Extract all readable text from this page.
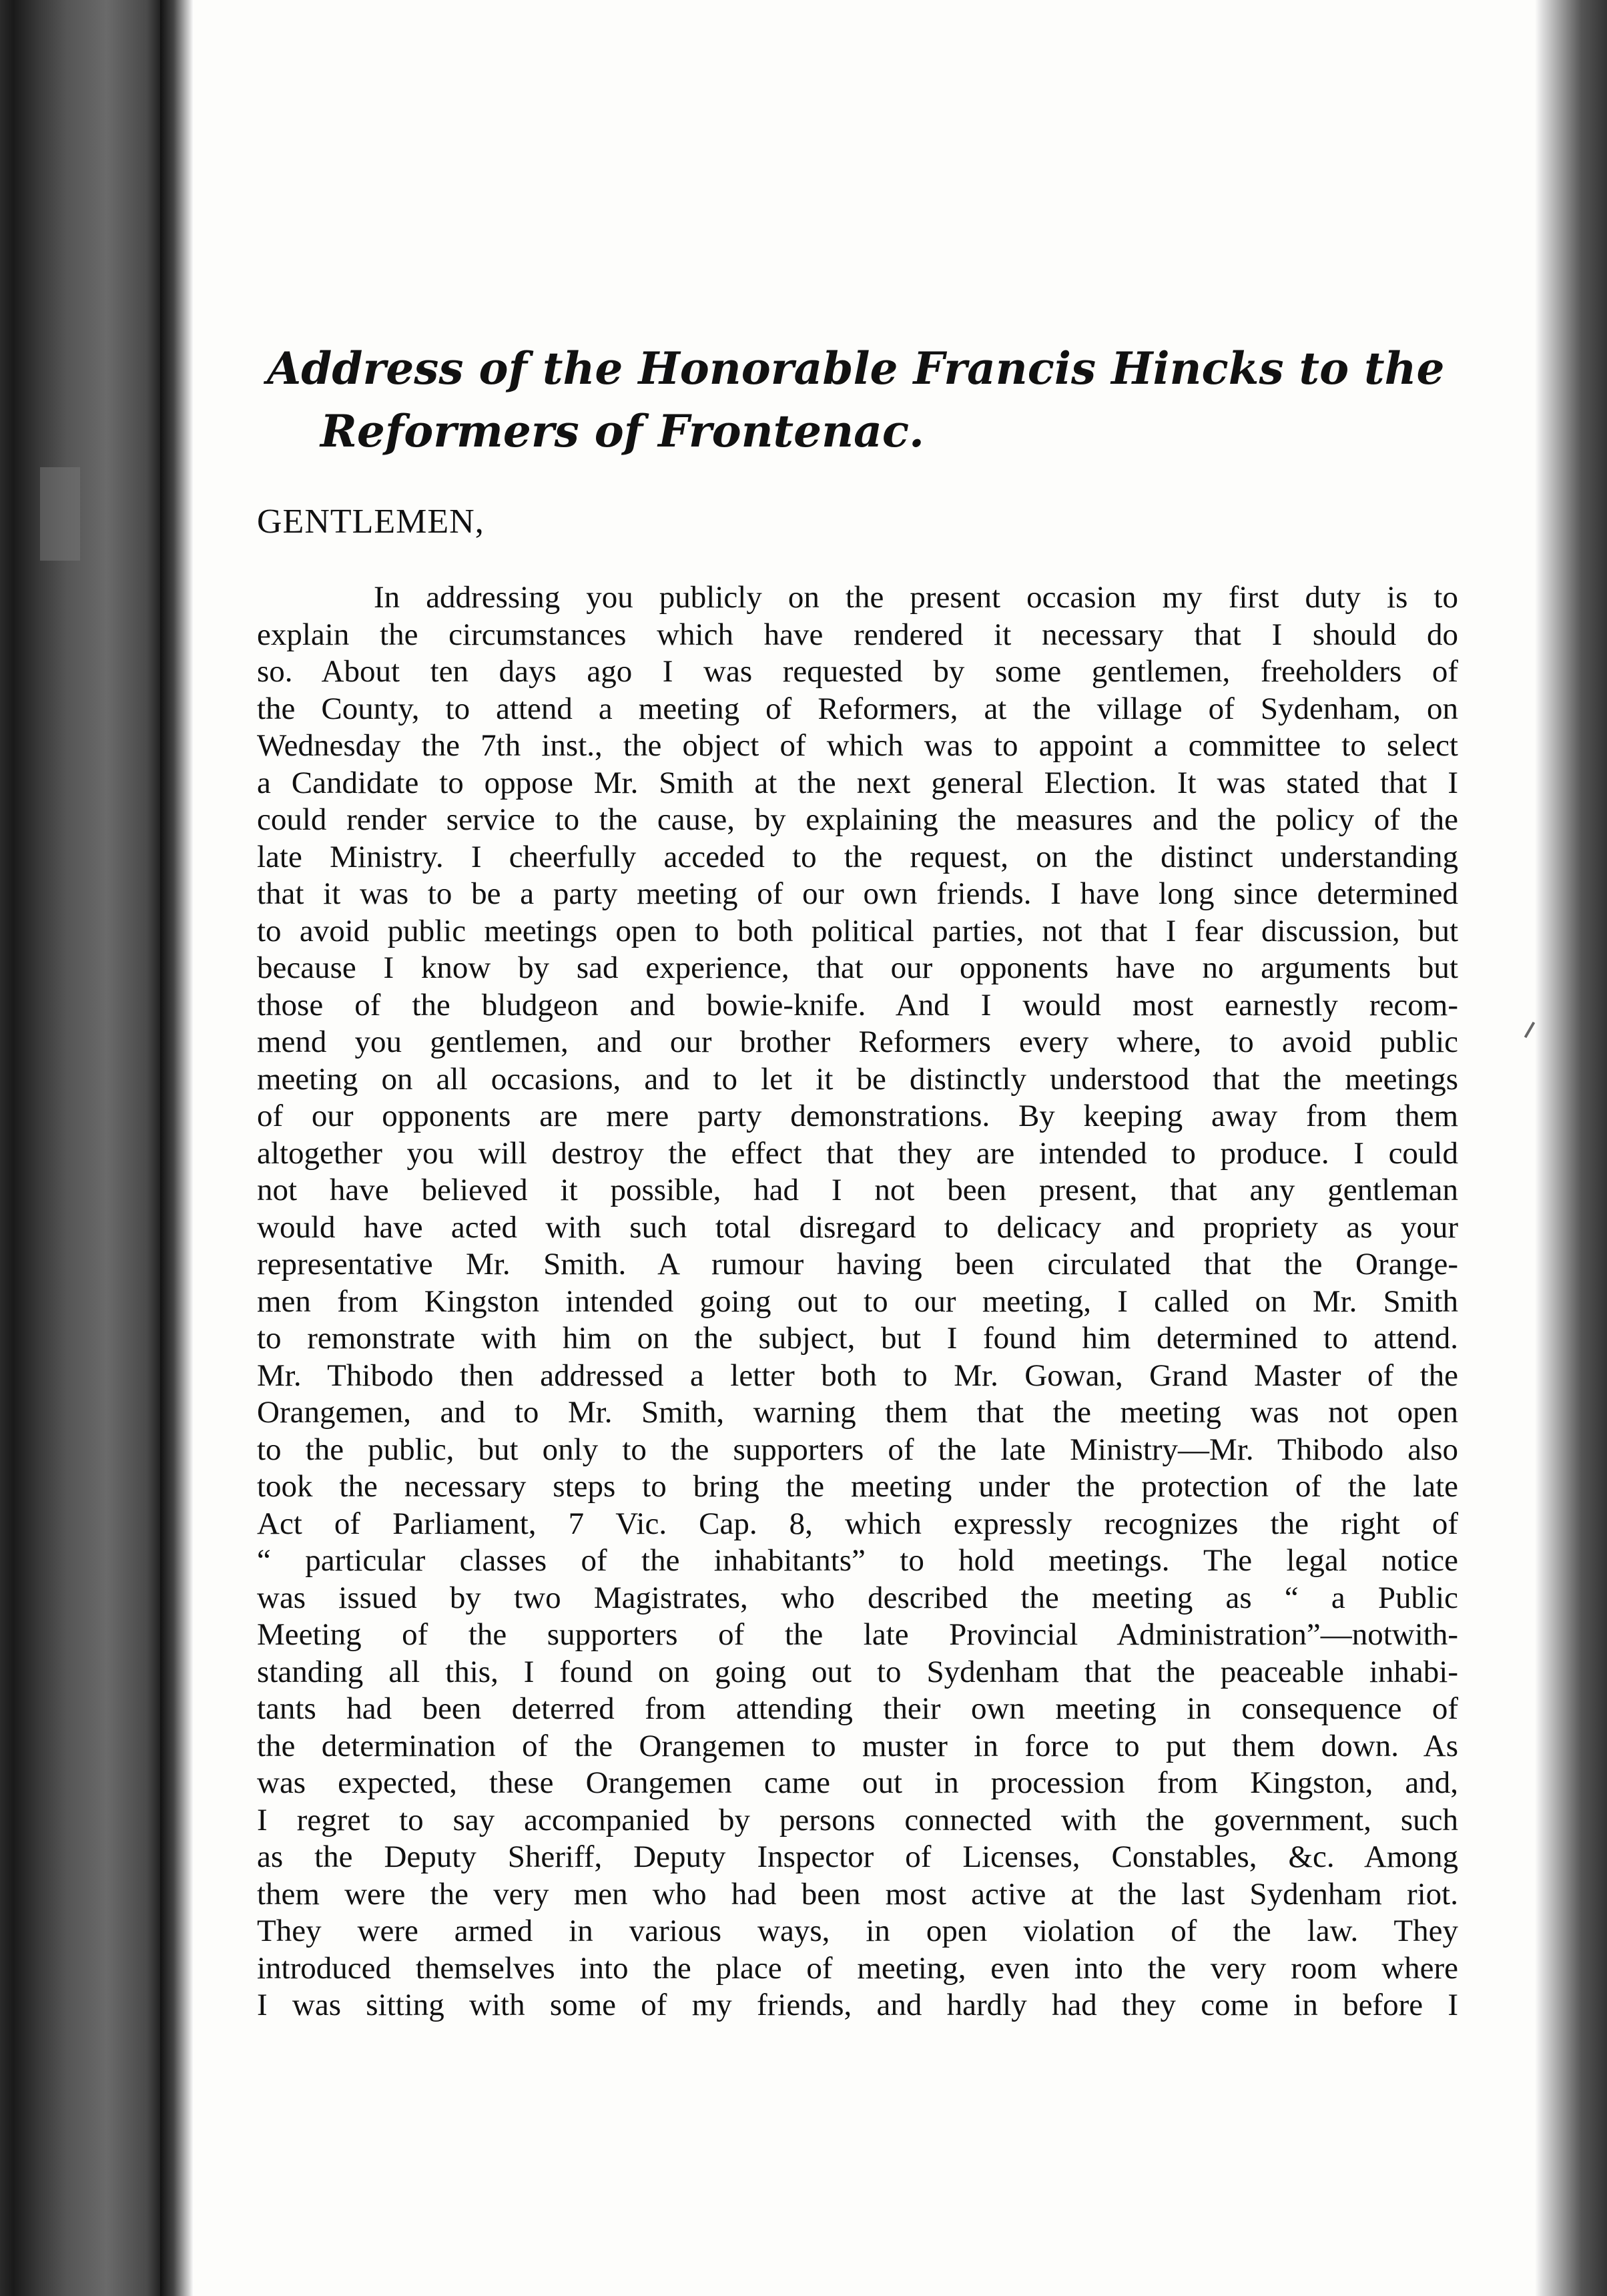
Address of the Honorable Francis Hincks to the
Reformers of Frontenac.

GENTLEMEN,

In addressing you publicly on the present occasion my first duty is to
explain the circumstances which have rendered it necessary that I should do
so. About ten days ago I was requested by some gentlemen, freeholders of
the County, to attend a meeting of Reformers, at the village of Sydenham, on
Wednesday the 7th inst., the object of which was to appoint a committee to select
a Candidate to oppose Mr. Smith at the next general Election. It was stated that I
could render service to the cause, by explaining the measures and the policy of the
late Ministry. I cheerfully acceded to the request, on the distinct understanding
that it was to be a party meeting of our own friends. I have long since determined
to avoid public meetings open to both political parties, not that I fear discussion, but
because I know by sad experience, that our opponents have no arguments but
those of the bludgeon and bowie-knife. And I would most earnestly recom-
mend you gentlemen, and our brother Reformers every where, to avoid public
meeting on all occasions, and to let it be distinctly understood that the meetings
of our opponents are mere party demonstrations. By keeping away from them
altogether you will destroy the effect that they are intended to produce. I could
not have believed it possible, had I not been present, that any gentleman
would have acted with such total disregard to delicacy and propriety as your
representative Mr. Smith. A rumour having been circulated that the Orange-
men from Kingston intended going out to our meeting, I called on Mr. Smith
to remonstrate with him on the subject, but I found him determined to attend.
Mr. Thibodo then addressed a letter both to Mr. Gowan, Grand Master of the
Orangemen, and to Mr. Smith, warning them that the meeting was not open
to the public, but only to the supporters of the late Ministry—Mr. Thibodo also
took the necessary steps to bring the meeting under the protection of the late
Act of Parliament, 7 Vic. Cap. 8, which expressly recognizes the right of
“ particular classes of the inhabitants” to hold meetings. The legal notice
was issued by two Magistrates, who described the meeting as “ a Public
Meeting of the supporters of the late Provincial Administration”—notwith-
standing all this, I found on going out to Sydenham that the peaceable inhabi-
tants had been deterred from attending their own meeting in consequence of
the determination of the Orangemen to muster in force to put them down. As
was expected, these Orangemen came out in procession from Kingston, and,
I regret to say accompanied by persons connected with the government, such
as the Deputy Sheriff, Deputy Inspector of Licenses, Constables, &c. Among
them were the very men who had been most active at the last Sydenham riot.
They were armed in various ways, in open violation of the law. They
introduced themselves into the place of meeting, even into the very room where
I was sitting with some of my friends, and hardly had they come in before I
